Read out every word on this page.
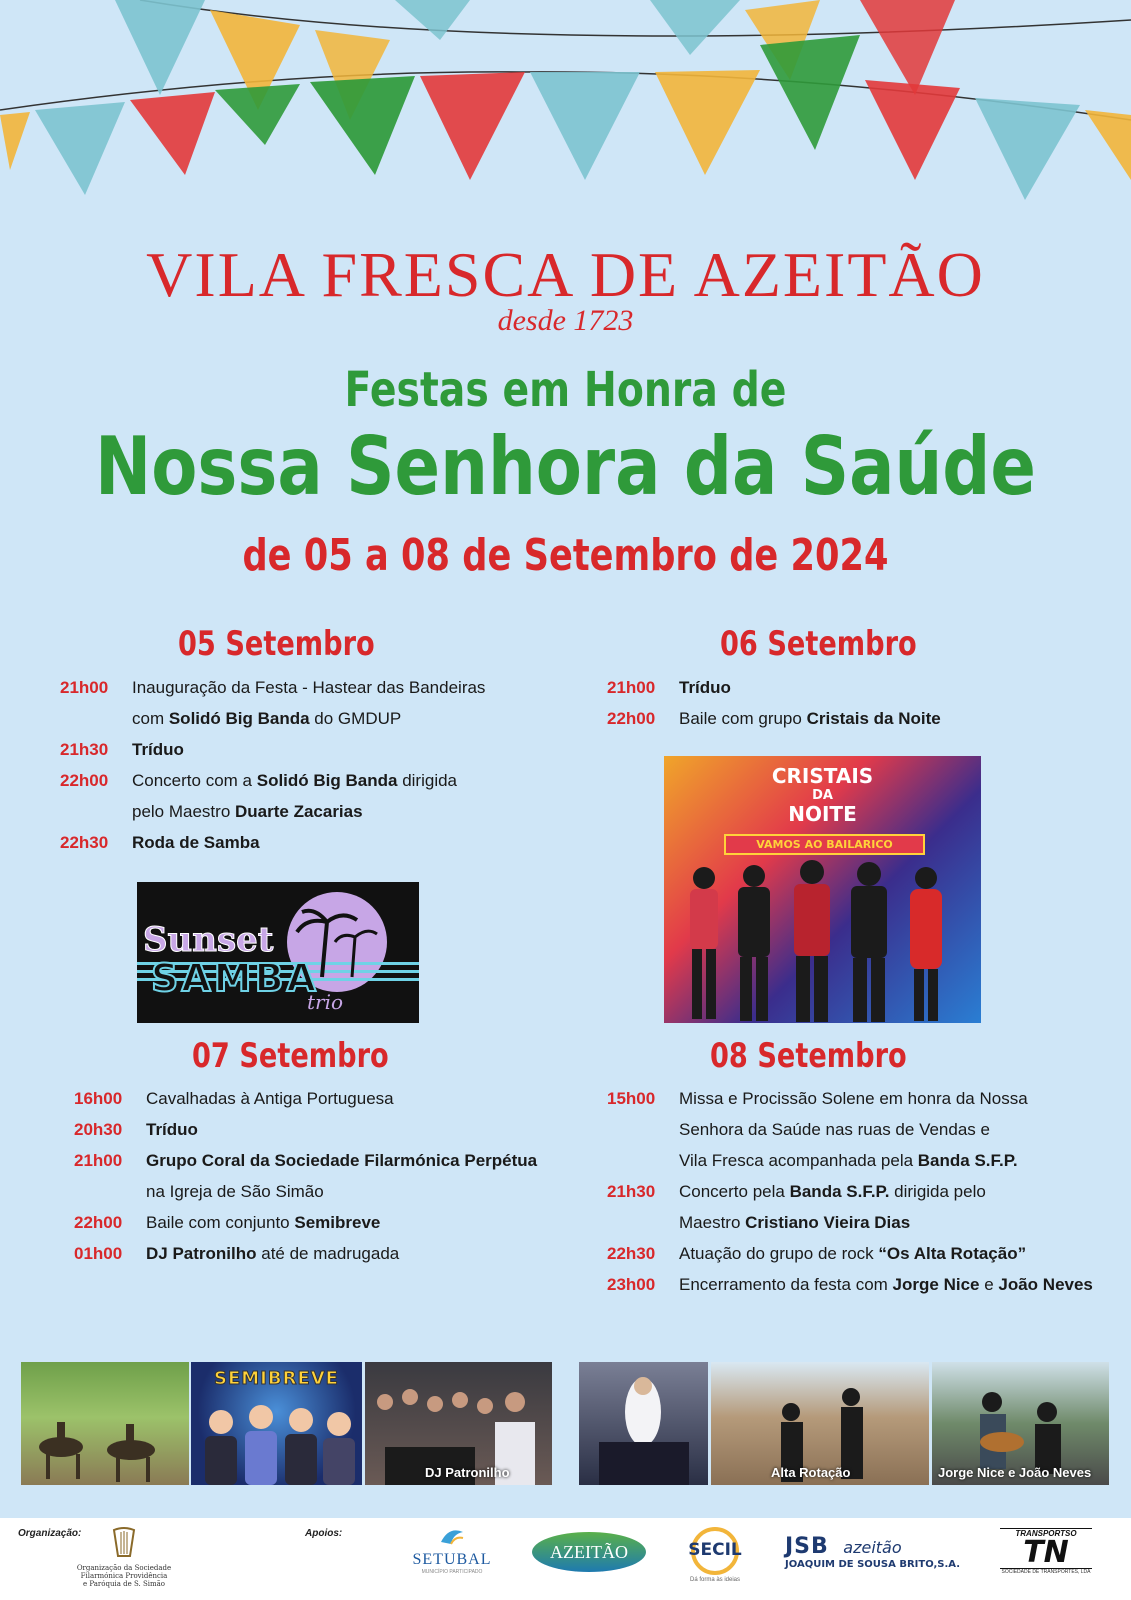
VILA FRESCA DE AZEITÃO
desde 1723
Festas em Honra de
Nossa Senhora da Saúde
de 05 a 08 de Setembro de 2024
05 Setembro
21h00	Inauguração da Festa - Hastear das Bandeiras
com Solidó Big Banda do GMDUP
21h30	Tríduo
22h00	Concerto com a Solidó Big Banda dirigida
pelo Maestro Duarte Zacarias
22h30	Roda de Samba
06 Setembro
21h00	Tríduo
22h00	Baile com grupo Cristais da Noite
07 Setembro
16h00	Cavalhadas à Antiga Portuguesa
20h30	Tríduo
21h00	Grupo Coral da Sociedade Filarmónica Perpétua
na Igreja de São Simão
22h00	Baile com conjunto Semibreve
01h00	DJ Patronilho até de madrugada
08 Setembro
15h00	Missa e Procissão Solene em honra da Nossa
Senhora da Saúde nas ruas de Vendas e
Vila Fresca acompanhada pela Banda S.F.P.
21h30	Concerto pela Banda S.F.P. dirigida pelo
Maestro Cristiano Vieira Dias
22h30	Atuação do grupo de rock “Os Alta Rotação”
23h00	Encerramento da festa com Jorge Nice e João Neves
Sunset
SAMBA
trio
CRISTAIS
DA
NOITE
VAMOS AO BAILARICO
SEMIBREVE
DJ Patronilho	Alta Rotação	Jorge Nice e João Neves
Organização:
Organização da Sociedade
Filarmónica Providência
e Paróquia de S. Simão
Apoios:
SETUBAL
MUNICÍPIO PARTICIPADO
AZEITÃO	SECIL
Dá forma às ideias
JSB azeitão
JOAQUIM DE SOUSA BRITO,S.A.
TRANSPORTSO
TN
SOCIEDADE DE TRANSPORTES, LDA
